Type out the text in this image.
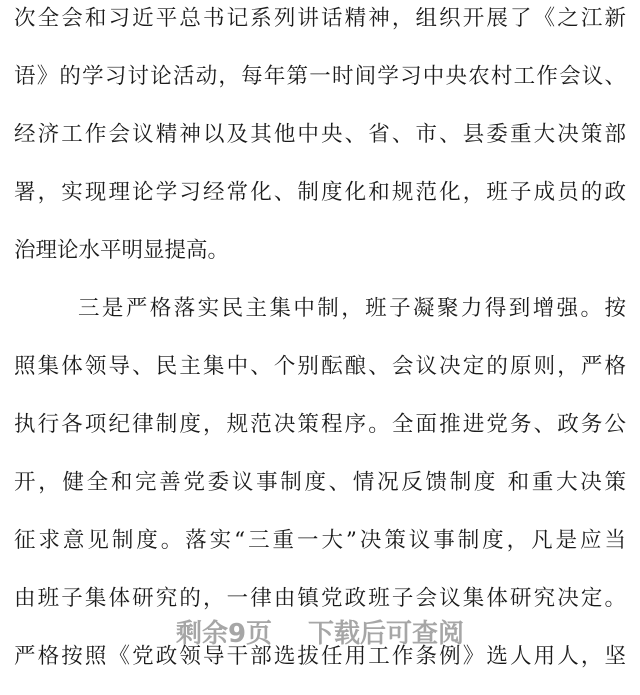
次全会和习近平总书记系列讲话精神，组织开展了《之江新
语》的学习讨论活动，每年第一时间学习中央农村工作会议、
经济工作会议精神以及其他中央、省、市、县委重大决策部
署，实现理论学习经常化、制度化和规范化，班子成员的政
治理论水平明显提高。
三是严格落实民主集中制，班子凝聚力得到增强。按
照集体领导、民主集中、个别酝酿、会议决定的原则，严格
执行各项纪律制度，规范决策程序。全面推进党务、政务公
开，健全和完善党委议事制度、情况反馈制度 和重大决策
征求意见制度。落实“三重一大”决策议事制度，凡是应当
由班子集体研究的，一律由镇党政班子会议集体研究决定。
严格按照《党政领导干部选拔任用工作条例》选人用人，坚
剩余9页 下载后可查阅
